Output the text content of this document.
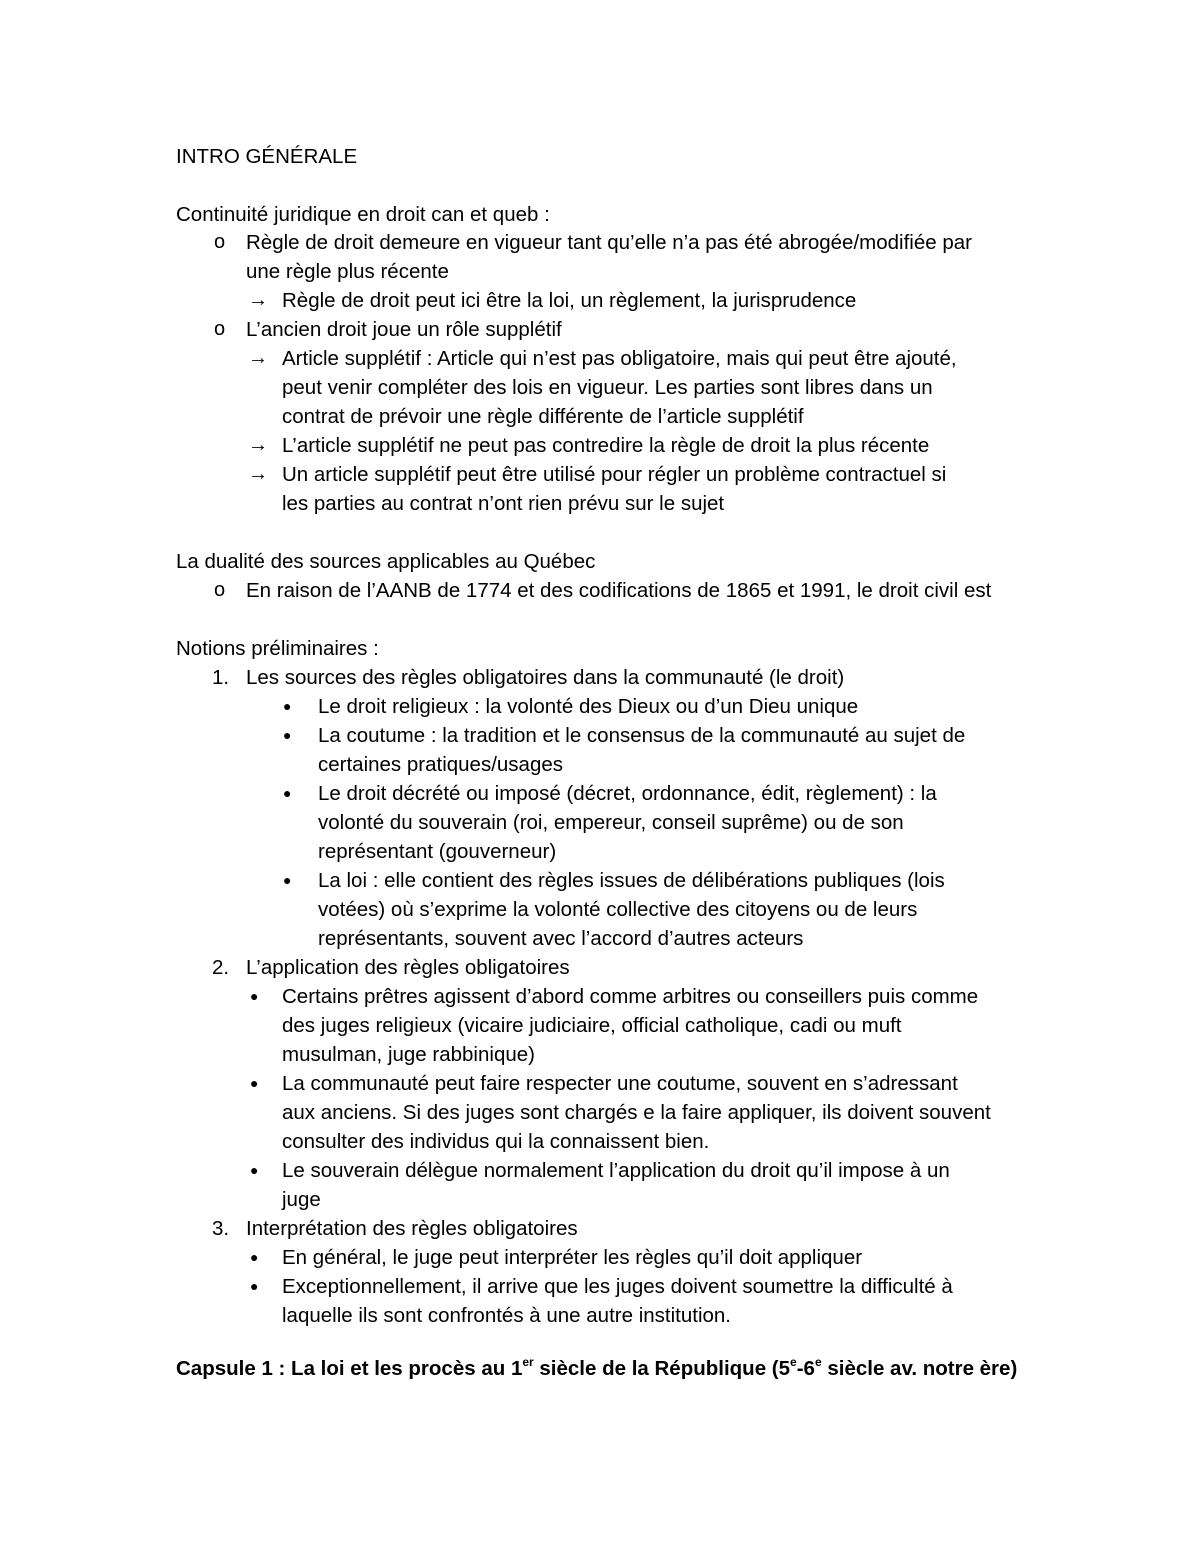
INTRO GÉNÉRALE
Continuité juridique en droit can et queb :
o Règle de droit demeure en vigueur tant qu’elle n’a pas été abrogée/modifiée par
une règle plus récente
→ Règle de droit peut ici être la loi, un règlement, la jurisprudence
o L’ancien droit joue un rôle supplétif
→ Article supplétif : Article qui n’est pas obligatoire, mais qui peut être ajouté,
peut venir compléter des lois en vigueur. Les parties sont libres dans un
contrat de prévoir une règle différente de l’article supplétif
→ L’article supplétif ne peut pas contredire la règle de droit la plus récente
→ Un article supplétif peut être utilisé pour régler un problème contractuel si
les parties au contrat n’ont rien prévu sur le sujet
La dualité des sources applicables au Québec
o En raison de l’AANB de 1774 et des codifications de 1865 et 1991, le droit civil est
Notions préliminaires :
1. Les sources des règles obligatoires dans la communauté (le droit)
● Le droit religieux : la volonté des Dieux ou d’un Dieu unique
● La coutume : la tradition et le consensus de la communauté au sujet de
certaines pratiques/usages
● Le droit décrété ou imposé (décret, ordonnance, édit, règlement) : la
volonté du souverain (roi, empereur, conseil suprême) ou de son
représentant (gouverneur)
● La loi : elle contient des règles issues de délibérations publiques (lois
votées) où s’exprime la volonté collective des citoyens ou de leurs
représentants, souvent avec l’accord d’autres acteurs
2. L’application des règles obligatoires
● Certains prêtres agissent d’abord comme arbitres ou conseillers puis comme
des juges religieux (vicaire judiciaire, official catholique, cadi ou muft
musulman, juge rabbinique)
● La communauté peut faire respecter une coutume, souvent en s’adressant
aux anciens. Si des juges sont chargés e la faire appliquer, ils doivent souvent
consulter des individus qui la connaissent bien.
● Le souverain délègue normalement l’application du droit qu’il impose à un
juge
3. Interprétation des règles obligatoires
● En général, le juge peut interpréter les règles qu’il doit appliquer
● Exceptionnellement, il arrive que les juges doivent soumettre la difficulté à
laquelle ils sont confrontés à une autre institution.
Capsule 1 : La loi et les procès au 1er siècle de la République (5e-6e siècle av. notre ère)
